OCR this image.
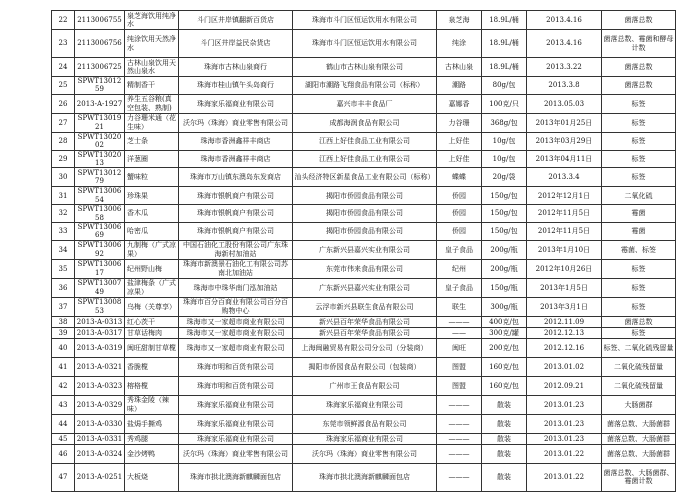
22	2113006755	泉芝海饮用纯净水	斗门区井岸镇翻新百货店	珠海市斗门区恒运饮用水有限公司	泉芝海	18.9L/桶	2013.4.16	菌落总数
23	2113006756	纯涂饮用天然净水	斗门区井岸益民杂货店	珠海市斗门区恒运饮用水有限公司	纯涂	18.9L/桶	2013.4.16	菌落总数、霉菌和酵母计数
24	2113006725	古林山泉饮用天然山泉水	珠海市古林山泉商行	鹤山市古林山泉有限公司	古林山泉	18.9L/桶	2013.3.22	菌落总数
25	SPWT1301259	精制香干	珠海市桂山镇午头岛商行	湖阳市潮路飞翔食品有限公司（标称）	潮路	80g/包	2013.3.8	菌落总数
26	2013-A-1927	养生五谷粮(真空包装、熟制)	珠海家乐福商业有限公司	嘉兴市丰丰食品厂	嘉娜香	100克/只	2013.05.03	标签
27	SPWT1301921	力谷珊米通（花生味）	沃尔玛（珠海）商业零售有限公司	成都海润食品有限公司	力谷珊	368g/包	2013年01月25日	标签
28	SPWT1302002	芝士条	珠海市香洲鑫祥丰商店	江西上好佳食品工业有限公司	上好佳	10g/包	2013年03月29日	标签
29	SPWT1302013	洋葱圈	珠海市香洲鑫祥丰商店	江西上好佳食品工业有限公司	上好佳	10g/包	2013年04月11日	标签
30	SPWT1301279	蟹味粒	珠海市万山镇东澳岛东发商店	汕头经济特区新星食品工业有限公司（标称）	蝶蝶	20g/袋	2013.3.4	标签
31	SPWT1300654	珍珠果	珠海市银帆商户有限公司	揭阳市侨园食品有限公司	侨园	150g/包	2012年12月1日	二氧化硫
32	SPWT1300658	香木瓜	珠海市银帆商户有限公司	揭阳市侨园食品有限公司	侨园	150g/包	2012年11月5日	霉菌
33	SPWT1300669	哈密瓜	珠海市银帆商户有限公司	揭阳市侨园食品有限公司	侨园	150g/包	2012年11月5日	霉菌
34	SPWT1300692	九制梅（广式凉果）	中国石油化工股份有限公司广东珠海新村加油站	广东新兴县嘉兴实业有限公司	皇子食品	200g/瓶	2013年1月10日	霉菌、标签
35	SPWT1300617	纪州野山梅	珠海市新澳景石油化工有限公司苏南北加油站	东莞市伟来食品有限公司	纪州	200g/瓶	2012年10月26日	标签
36	SPWT1300749	盐津梅条（广式凉果）	珠海市中珠华南门泓加油站	广东新兴县嘉兴实业有限公司	皇子食品	150g/瓶	2013年1月5日	标签
37	SPWT1300853	乌梅（关尊享）	珠海市百分百商业有限公司百分百购物中心	云浮市新兴县联生食品有限公司	联生	300g/瓶	2013年3月1日	标签
38	2013-A-0313	红心茨干	珠海市又一家超市商业有限公司	新兴县百年荣华食品有限公司	———	400克/包	2012.11.09	菌落总数
39	2013-A-0317	甘草话梅肉	珠海市又一家超市商业有限公司	新兴县百年荣华食品有限公司	——	300克/罐	2012.12.13	标签
40	2013-A-0319	闽旺甜制甘草榄	珠海市又一家超市商业有限公司	上海闽融贸易有限公司分公司（分装商）	闽旺	200克/包	2012.12.16	标签、二氧化硫残留量
41	2013-A-0321	香脆榄	珠海市明和百货有限公司	揭阳市侨园食品有限公司（包装商）	图盟	160克/包	2013.01.02	二氧化硫残留量
42	2013-A-0323	榕格榄	珠海市明和百货有限公司	广州市王食品有限公司	图盟	160克/包	2012.09.21	二氧化硫残留量
43	2013-A-0329	秀珠金陵（辣味）	珠海家乐福商业有限公司	珠海家乐福商业有限公司	———	散装	2013.01.23	大肠菌群
44	2013-A-0330	盐焗手撕鸡	珠海家乐福商业有限公司	东莞市领鲜源食品有限公司	———	散装	2013.01.23	菌落总数、大肠菌群
45	2013-A-0331	秀鸡腿	珠海家乐福商业有限公司	珠海家乐福商业有限公司	———	散装	2013.01.23	菌落总数、大肠菌群
46	2013-A-0324	金沙烤鸭	沃尔玛（珠海）商业零售有限公司	沃尔玛（珠海）商业零售有限公司	———	散装	2013.01.22	菌落总数、大肠菌群
47	2013-A-0251	大板烧	珠海市拱北澳海新麒麟面包店	珠海市拱北澳海新麒麟面包店	———	散装	2013.01.22	菌落总数、大肠菌群、霉菌计数
